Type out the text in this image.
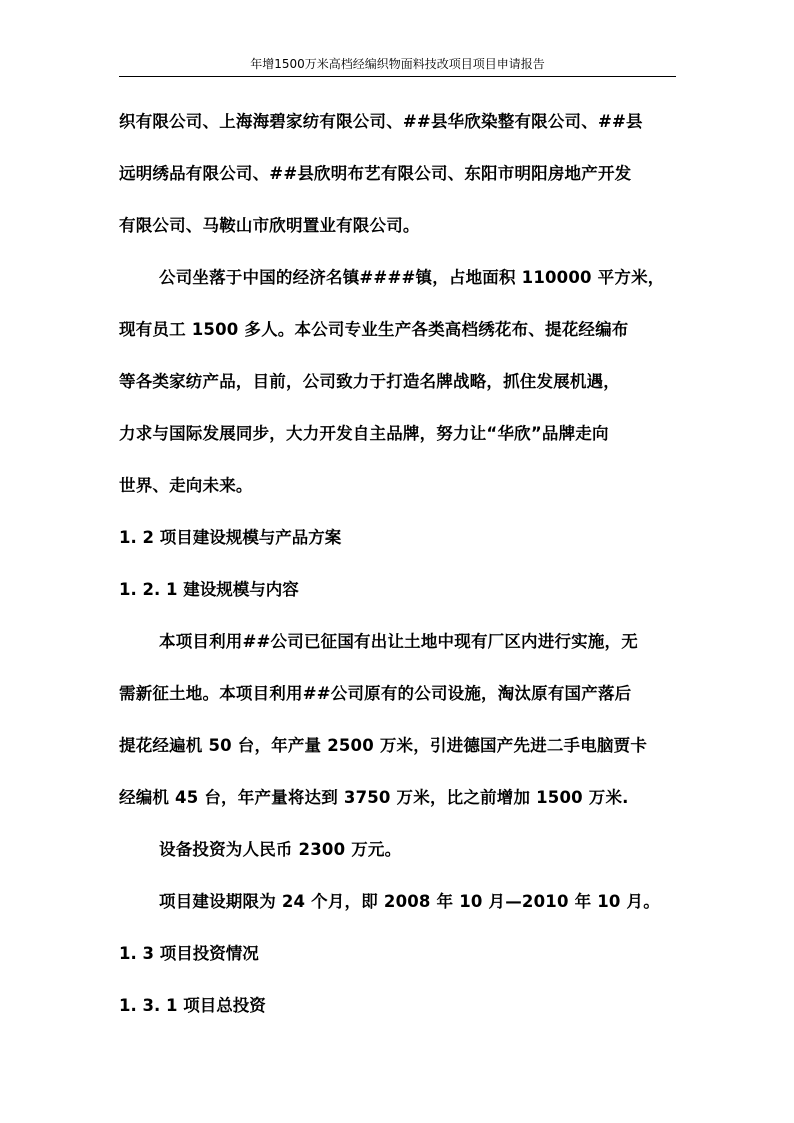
年增1500万米高档经编织物面料技改项目项目申请报告
织有限公司、上海海碧家纺有限公司、##县华欣染整有限公司、##县
远明绣品有限公司、##县欣明布艺有限公司、东阳市明阳房地产开发
有限公司、马鞍山市欣明置业有限公司。
公司坐落于中国的经济名镇####镇，占地面积 110000 平方米，
现有员工 1500 多人。本公司专业生产各类高档绣花布、提花经编布
等各类家纺产品，目前，公司致力于打造名牌战略，抓住发展机遇，
力求与国际发展同步，大力开发自主品牌，努力让“华欣”品牌走向
世界、走向未来。
1. 2 项目建设规模与产品方案
1. 2. 1 建设规模与内容
本项目利用##公司已征国有出让土地中现有厂区内进行实施，无
需新征土地。本项目利用##公司原有的公司设施，淘汰原有国产落后
提花经遍机 50 台，年产量 2500 万米，引进德国产先进二手电脑贾卡
经编机 45 台，年产量将达到 3750 万米，比之前增加 1500 万米.
设备投资为人民币 2300 万元。
项目建设期限为 24 个月，即 2008 年 10 月—2010 年 10 月。
1. 3 项目投资情况
1. 3. 1 项目总投资
